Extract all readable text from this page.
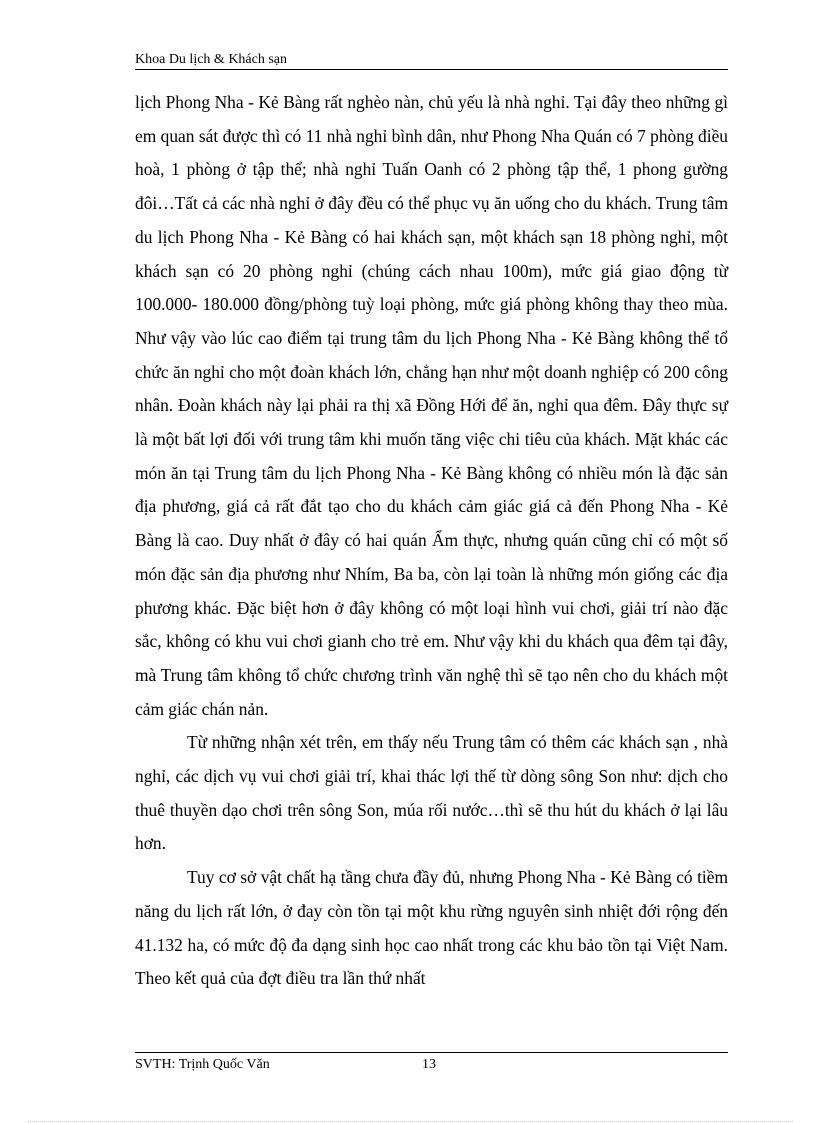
Khoa Du lịch & Khách sạn

lịch Phong Nha - Kẻ Bàng rất nghèo nàn, chủ yếu là nhà nghỉ. Tại đây theo những gì em quan sát được thì có 11 nhà nghỉ bình dân, như Phong Nha Quán có 7 phòng điều hoà, 1 phòng ở tập thể; nhà nghỉ Tuấn Oanh có 2 phòng tập thể, 1 phong gường đôi…Tất cả các nhà nghỉ ở đây đều có thể phục vụ ăn uống cho du khách. Trung tâm du lịch Phong Nha - Kẻ Bàng có hai khách sạn, một khách sạn 18 phòng nghỉ, một khách sạn có 20 phòng nghỉ (chúng cách nhau 100m), mức giá giao động từ 100.000- 180.000 đồng/phòng tuỳ loại phòng, mức giá phòng không thay theo mùa. Như vậy vào lúc cao điểm tại trung tâm du lịch Phong Nha - Kẻ Bàng không thể tổ chức ăn nghỉ cho một đoàn khách lớn, chẳng hạn như một doanh nghiệp có 200 công nhân. Đoàn khách này lại phải ra thị xã Đồng Hới để ăn, nghỉ qua đêm. Đây thực sự là một bất lợi đối với trung tâm khi muốn tăng việc chi tiêu của khách. Mặt khác các món ăn tại Trung tâm du lịch Phong Nha - Kẻ Bàng không có nhiều món là đặc sản địa phương, giá cả rất đắt tạo cho du khách cảm giác giá cả đến Phong Nha - Kẻ Bàng là cao. Duy nhất ở đây có hai quán Ẩm thực, nhưng quán cũng chỉ có một số món đặc sản địa phương như Nhím, Ba ba, còn lại toàn là những món giống các địa phương khác. Đặc biệt hơn ở đây không có một loại hình vui chơi, giải trí nào đặc sắc, không có khu vui chơi gianh cho trẻ em. Như vậy khi du khách qua đêm tại đây, mà Trung tâm không tổ chức chương trình văn nghệ thì sẽ tạo nên cho du khách một cảm giác chán nản.

Từ những nhận xét trên, em thấy nếu Trung tâm có thêm các khách sạn , nhà nghỉ, các dịch vụ vui chơi giải trí, khai thác lợi thế từ dòng sông Son như: dịch cho thuê thuyền dạo chơi trên sông Son, múa rối nước…thì sẽ thu hút du khách ở lại lâu hơn.

Tuy cơ sở vật chất hạ tầng chưa đầy đủ, nhưng Phong Nha - Kẻ Bàng có tiềm năng du lịch rất lớn, ở đay còn tồn tại một khu rừng nguyên sinh nhiệt đới rộng đến 41.132 ha, có mức độ đa dạng sinh học cao nhất trong các khu bảo tồn tại Việt Nam. Theo kết quả của đợt điều tra lần thứ nhất

SVTH: Trịnh Quốc Văn	13
